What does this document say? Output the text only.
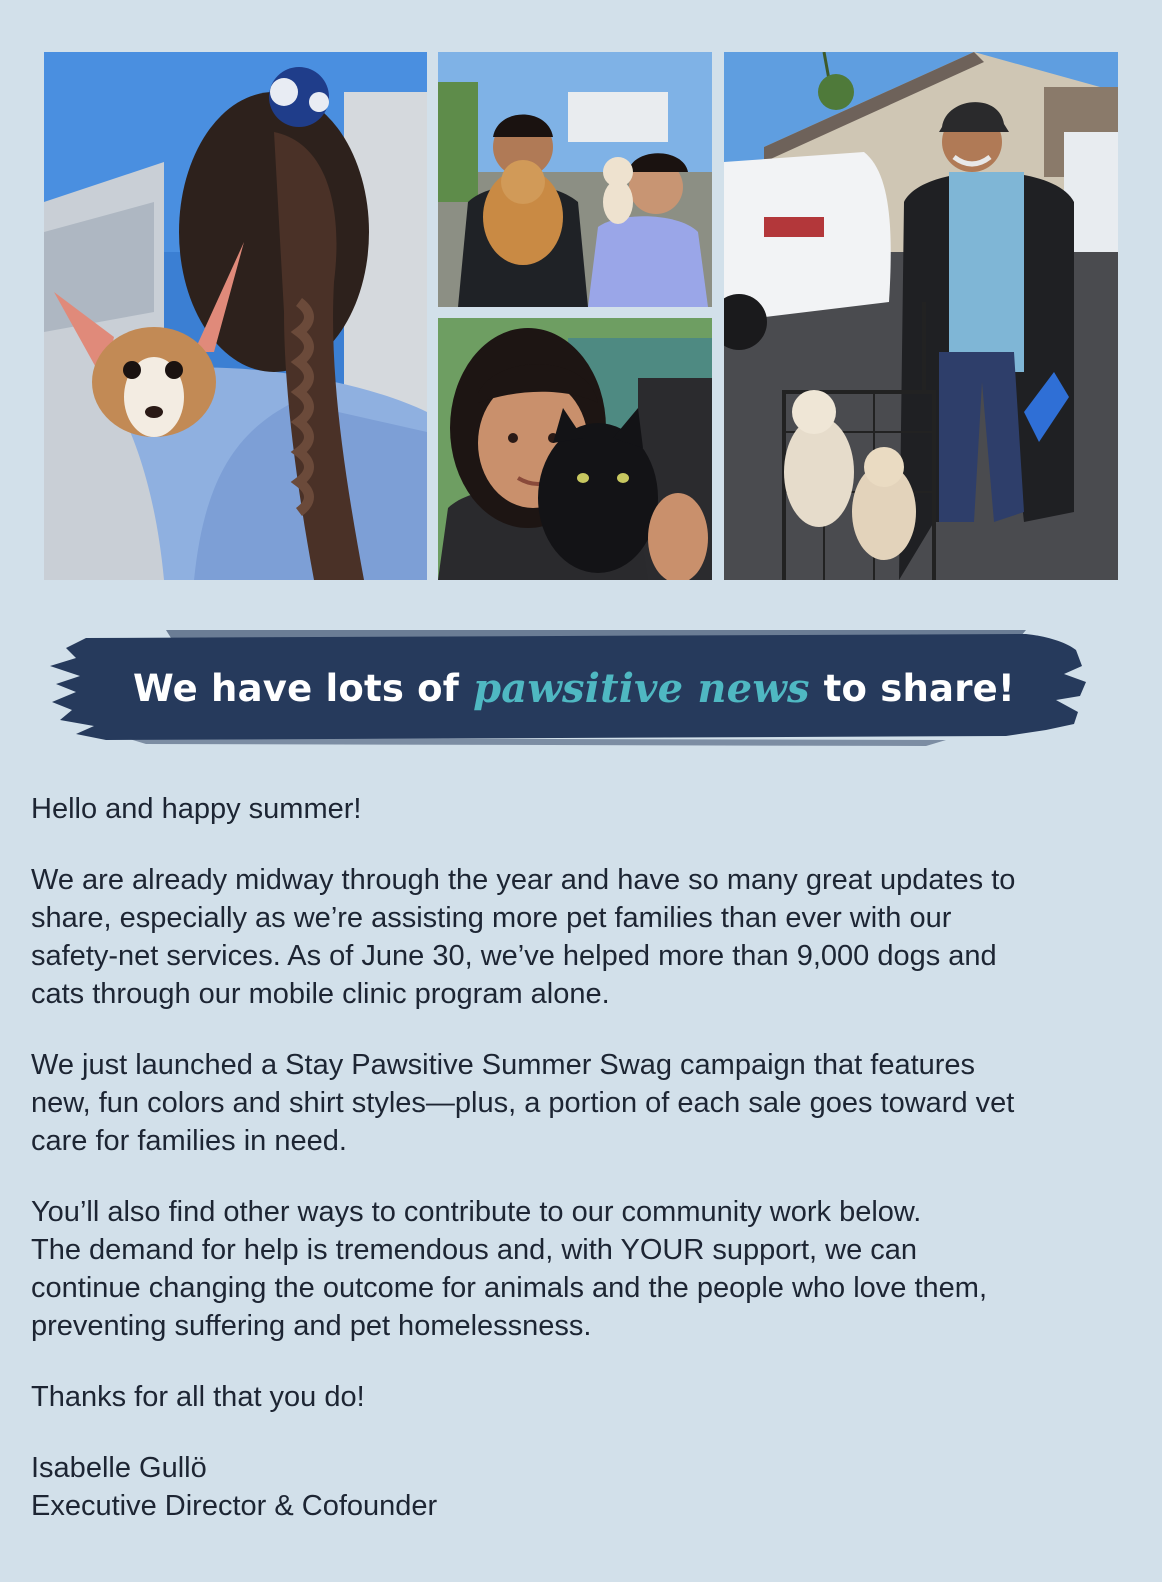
We have lots of pawsitive news to share!

Hello and happy summer!

We are already midway through the year and have so many great updates to
share, especially as we’re assisting more pet families than ever with our
safety-net services. As of June 30, we’ve helped more than 9,000 dogs and
cats through our mobile clinic program alone.

We just launched a Stay Pawsitive Summer Swag campaign that features
new, fun colors and shirt styles—plus, a portion of each sale goes toward vet
care for families in need.

You’ll also find other ways to contribute to our community work below.
The demand for help is tremendous and, with YOUR support, we can
continue changing the outcome for animals and the people who love them,
preventing suffering and pet homelessness.

Thanks for all that you do!

Isabelle Gullö
Executive Director & Cofounder
